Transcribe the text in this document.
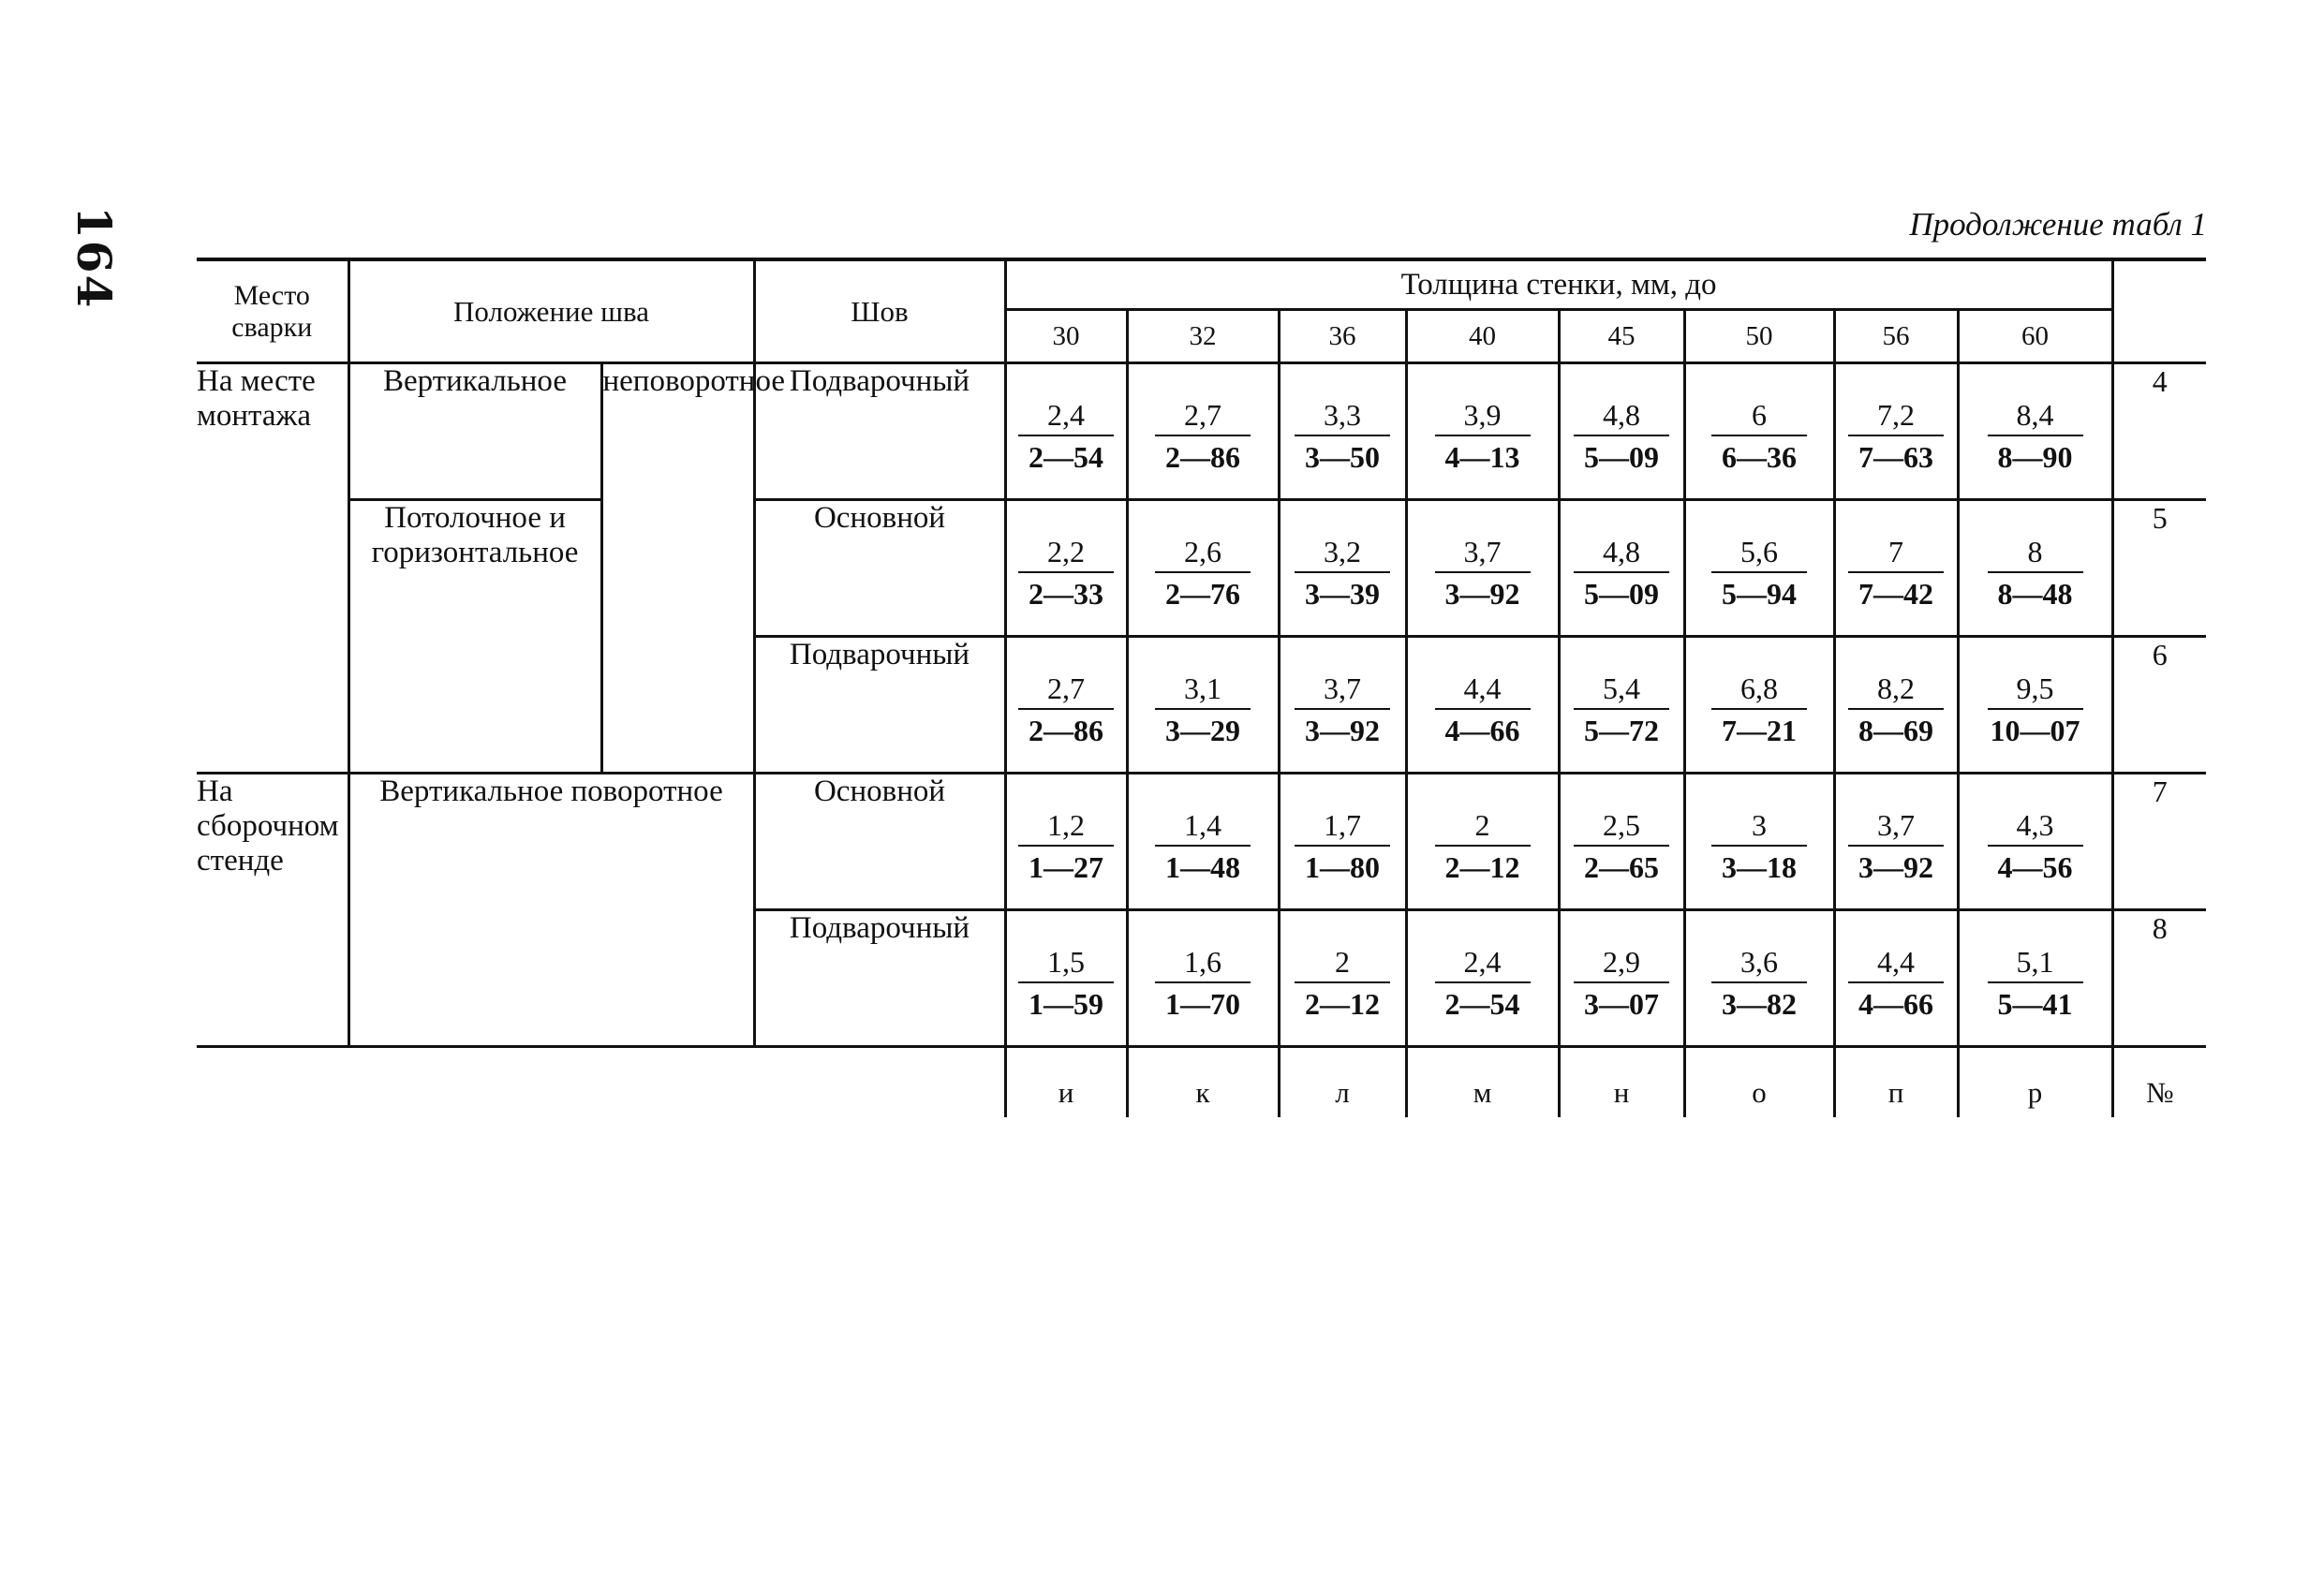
164	Продолжение табл 1
Место сварки	Положение шва		Шов	Толщина стенки, мм, до								
				30	32	36	40	45	50	56	60	
На месте монтажа	Вертикальное	неповоротное	Подварочный	$\frac{2,4}{2—54}$	$\frac{2,7}{2—86}$	$\frac{3,3}{3—50}$	$\frac{3,9}{4—13}$	$\frac{4,8}{5—09}$	$\frac{6}{6—36}$	$\frac{7,2}{7—63}$	$\frac{8,4}{8—90}$	4
	Потолочное и горизонтальное		Основной	$\frac{2,2}{2—33}$	$\frac{2,6}{2—76}$	$\frac{3,2}{3—39}$	$\frac{3,7}{3—92}$	$\frac{4,8}{5—09}$	$\frac{5,6}{5—94}$	$\frac{7}{7—42}$	$\frac{8}{8—48}$	5
			Подварочный	$\frac{2,7}{2—86}$	$\frac{3,1}{3—29}$	$\frac{3,7}{3—92}$	$\frac{4,4}{4—66}$	$\frac{5,4}{5—72}$	$\frac{6,8}{7—21}$	$\frac{8,2}{8—69}$	$\frac{9,5}{10—07}$	6
На сборочном стенде	Вертикальное поворотное		Основной	$\frac{1,2}{1—27}$	$\frac{1,4}{1—48}$	$\frac{1,7}{1—80}$	$\frac{2}{2—12}$	$\frac{2,5}{2—65}$	$\frac{3}{3—18}$	$\frac{3,7}{3—92}$	$\frac{4,3}{4—56}$	7
			Подварочный	$\frac{1,5}{1—59}$	$\frac{1,6}{1—70}$	$\frac{2}{2—12}$	$\frac{2,4}{2—54}$	$\frac{2,9}{3—07}$	$\frac{3,6}{3—82}$	$\frac{4,4}{4—66}$	$\frac{5,1}{5—41}$	8
				и	к	л	м	н	о	п	р	№
